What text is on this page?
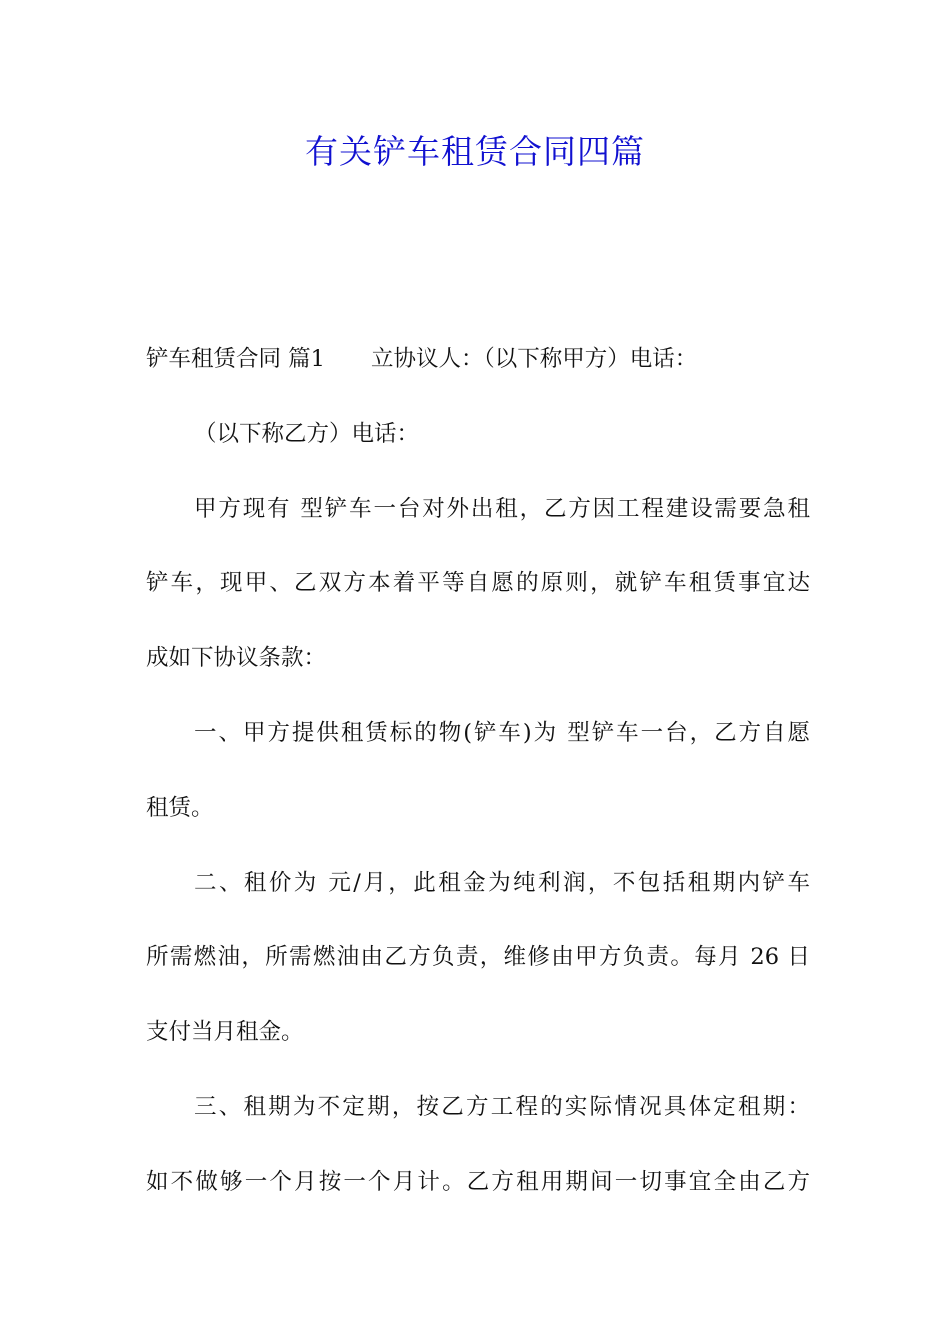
有关铲车租赁合同四篇
铲车租赁合同 篇1 立协议人：（以下称甲方）电话：
（以下称乙方）电话：
甲方现有 型铲车一台对外出租，乙方因工程建设需要急租
铲车，现甲、乙双方本着平等自愿的原则，就铲车租赁事宜达
成如下协议条款：
一、甲方提供租赁标的物(铲车)为 型铲车一台，乙方自愿
租赁。
二、租价为 元/月，此租金为纯利润，不包括租期内铲车
所需燃油，所需燃油由乙方负责，维修由甲方负责。每月 26 日
支付当月租金。
三、租期为不定期，按乙方工程的实际情况具体定租期：
如不做够一个月按一个月计。乙方租用期间一切事宜全由乙方
